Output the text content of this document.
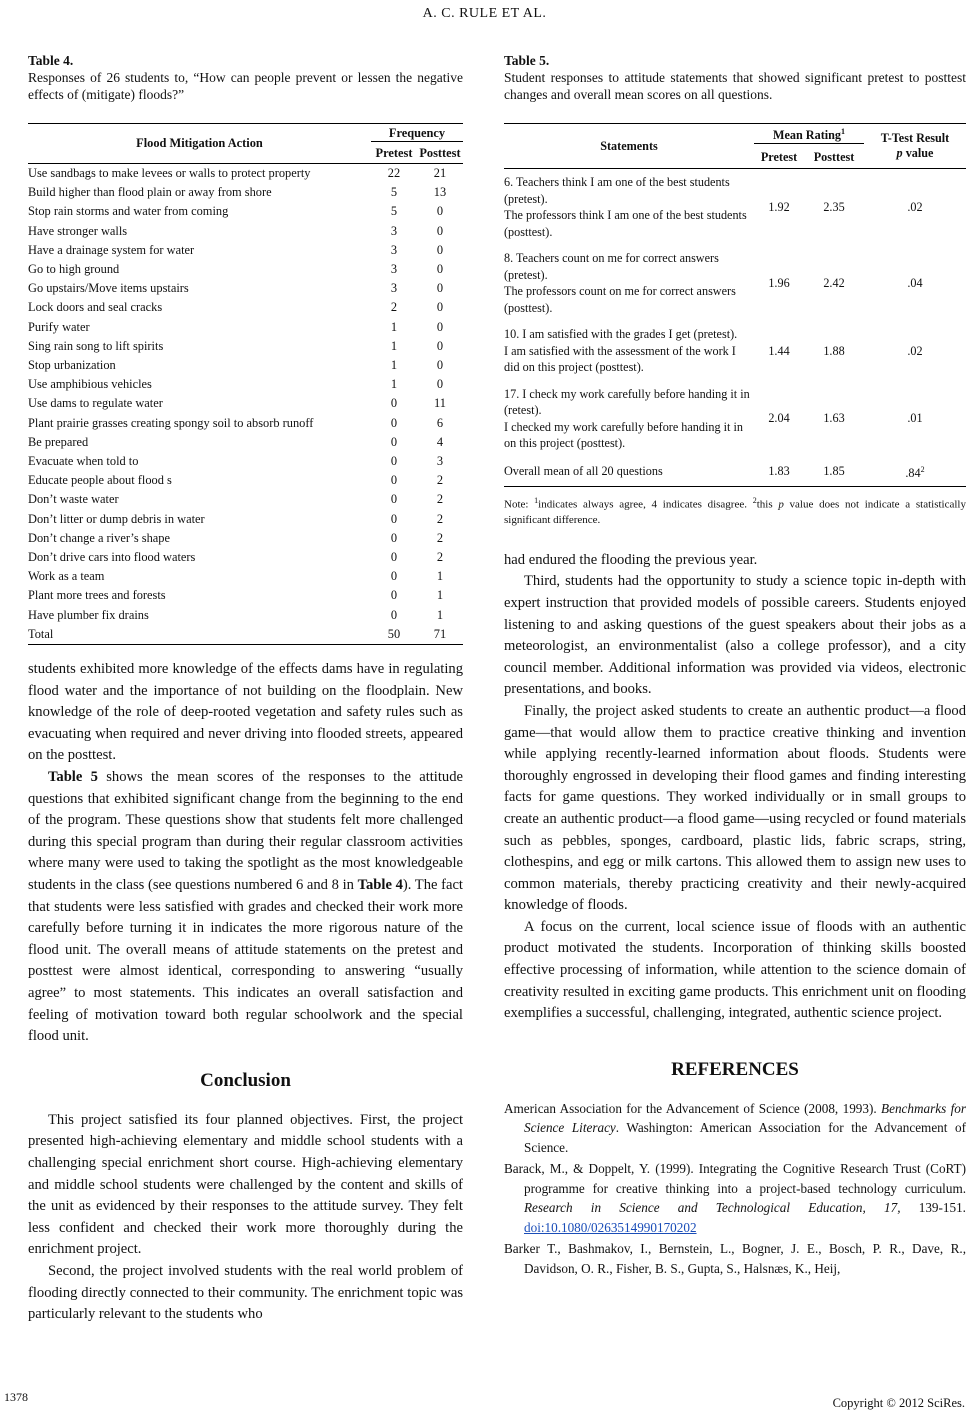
A. C. RULE ET AL.
Table 4.

Responses of 26 students to, “How can people prevent or lessen the negative effects of (mitigate) floods?”
Flood Mitigation Action	Frequency	

	Pretest	Posttest
Use sandbags to make levees or walls to protect property	22	21
Build higher than flood plain or away from shore	5	13
Stop rain storms and water from coming	5	0
Have stronger walls	3	0
Have a drainage system for water	3	0
Go to high ground	3	0
Go upstairs/Move items upstairs	3	0
Lock doors and seal cracks	2	0
Purify water	1	0
Sing rain song to lift spirits	1	0
Stop urbanization	1	0
Use amphibious vehicles	1	0
Use dams to regulate water	0	11
Plant prairie grasses creating spongy soil to absorb runoff	0	6
Be prepared	0	4
Evacuate when told to	0	3
Educate people about flood s	0	2
Don’t waste water	0	2
Don’t litter or dump debris in water	0	2
Don’t change a river’s shape	0	2
Don’t drive cars into flood waters	0	2
Work as a team	0	1
Plant more trees and forests	0	1
Have plumber fix drains	0	1
Total	50	71

students exhibited more knowledge of the effects dams have in regulating flood water and the importance of not building on the floodplain. New knowledge of the role of deep-rooted vegetation and safety rules such as evacuating when required and never driving into flooded streets, appeared on the posttest.

Table 5 shows the mean scores of the responses to the attitude questions that exhibited significant change from the beginning to the end of the program. These questions show that students felt more challenged during this special program than during their regular classroom activities where many were used to taking the spotlight as the most knowledgeable students in the class (see questions numbered 6 and 8 in Table 4). The fact that students were less satisfied with grades and checked their work more carefully before turning it in indicates the more rigorous nature of the flood unit. The overall means of attitude statements on the pretest and posttest were almost identical, corresponding to answering “usually agree” to most statements. This indicates an overall satisfaction and feeling of motivation toward both regular schoolwork and the special flood unit.

Conclusion

This project satisfied its four planned objectives. First, the project presented high-achieving elementary and middle school students with a challenging special enrichment short course. High-achieving elementary and middle school students were challenged by the content and skills of the unit as evidenced by their responses to the attitude survey. They felt less confident and checked their work more thoroughly during the enrichment project.

Second, the project involved students with the real world problem of flooding directly connected to their community. The enrichment topic was particularly relevant to the students who

Table 5.

Student responses to attitude statements that showed significant pretest to posttest changes and overall mean scores on all questions.
Statements	Mean Rating$^1$		T-Test Result
p value
	Pretest	Posttest	

6. Teachers think I am one of the best students (pretest).
The professors think I am one of the best students (posttest).	1.92	2.35	.02

8. Teachers count on me for correct answers (pretest).
The professors count on me for correct answers (posttest).	1.96	2.42	.04

10. I am satisfied with the grades I get (pretest).
I am satisfied with the assessment of the work I did on this project (posttest).	1.44	1.88	.02

17. I check my work carefully before handing it in (retest).
I checked my work carefully before handing it in on this project (posttest).	2.04	1.63	.01
Overall mean of all 20 questions	1.83	1.85	$.84^2$
Note: $^1$indicates always agree, 4 indicates disagree. $^2$this p value does not indicate a statistically significant difference.

had endured the flooding the previous year.

Third, students had the opportunity to study a science topic in-depth with expert instruction that provided models of possible careers. Students enjoyed listening to and asking questions of the guest speakers about their jobs as a meteorologist, an environmentalist (also a college professor), and a city council member. Additional information was provided via videos, electronic presentations, and books.

Finally, the project asked students to create an authentic product—a flood game—that would allow them to practice creative thinking and invention while applying recently-learned information about floods. Students were thoroughly engrossed in developing their flood games and finding interesting facts for game questions. They worked individually or in small groups to create an authentic product—a flood game—using recycled or found materials such as pebbles, sponges, cardboard, plastic lids, fabric scraps, string, clothespins, and egg or milk cartons. This allowed them to assign new uses to common materials, thereby practicing creativity and their newly-acquired knowledge of floods.

A focus on the current, local science issue of floods with an authentic product motivated the students. Incorporation of thinking skills boosted effective processing of information, while attention to the science domain of creativity resulted in exciting game products. This enrichment unit on flooding exemplifies a successful, challenging, integrated, authentic science project.

REFERENCES

American Association for the Advancement of Science (2008, 1993). Benchmarks for Science Literacy. Washington: American Association for the Advancement of Science.

Barack, M., & Doppelt, Y. (1999). Integrating the Cognitive Research Trust (CoRT) programme for creative thinking into a project-based technology curriculum. Research in Science and Technological Education, 17, 139-151. doi:10.1080/0263514990170202

Barker T., Bashmakov, I., Bernstein, L., Bogner, J. E., Bosch, P. R., Dave, R., Davidson, O. R., Fisher, B. S., Gupta, S., Halsnæs, K., Heij,

1378	Copyright © 2012 SciRes.
